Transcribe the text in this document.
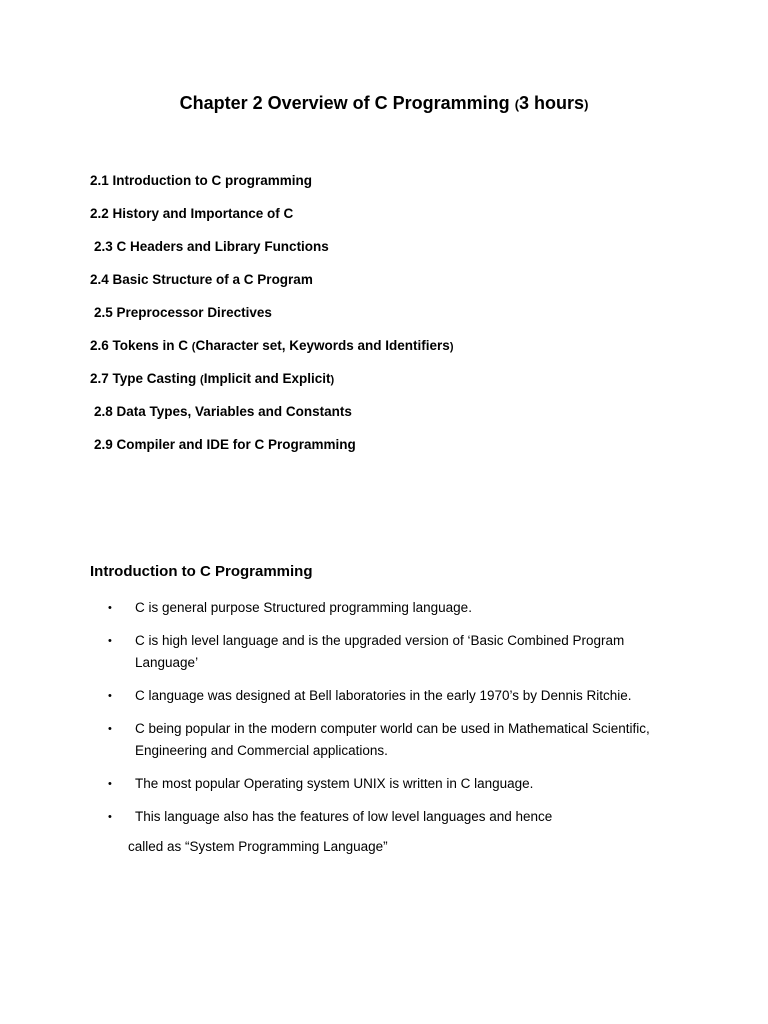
Chapter 2 Overview of C Programming (3 hours)
2.1 Introduction to C programming
2.2 History and Importance of C
2.3 C Headers and Library Functions
2.4 Basic Structure of a C Program
2.5 Preprocessor Directives
2.6 Tokens in C (Character set, Keywords and Identifiers)
2.7 Type Casting (Implicit and Explicit)
2.8 Data Types, Variables and Constants
2.9 Compiler and IDE for C Programming
Introduction to C Programming
• C is general purpose Structured programming language.
• C is high level language and is the upgraded version of ‘Basic Combined Program Language’
• C language was designed at Bell laboratories in the early 1970’s by Dennis Ritchie.
• C being popular in the modern computer world can be used in Mathematical Scientific, Engineering and Commercial applications.
• The most popular Operating system UNIX is written in C language.
• This language also has the features of low level languages and hence

called as “System Programming Language”
